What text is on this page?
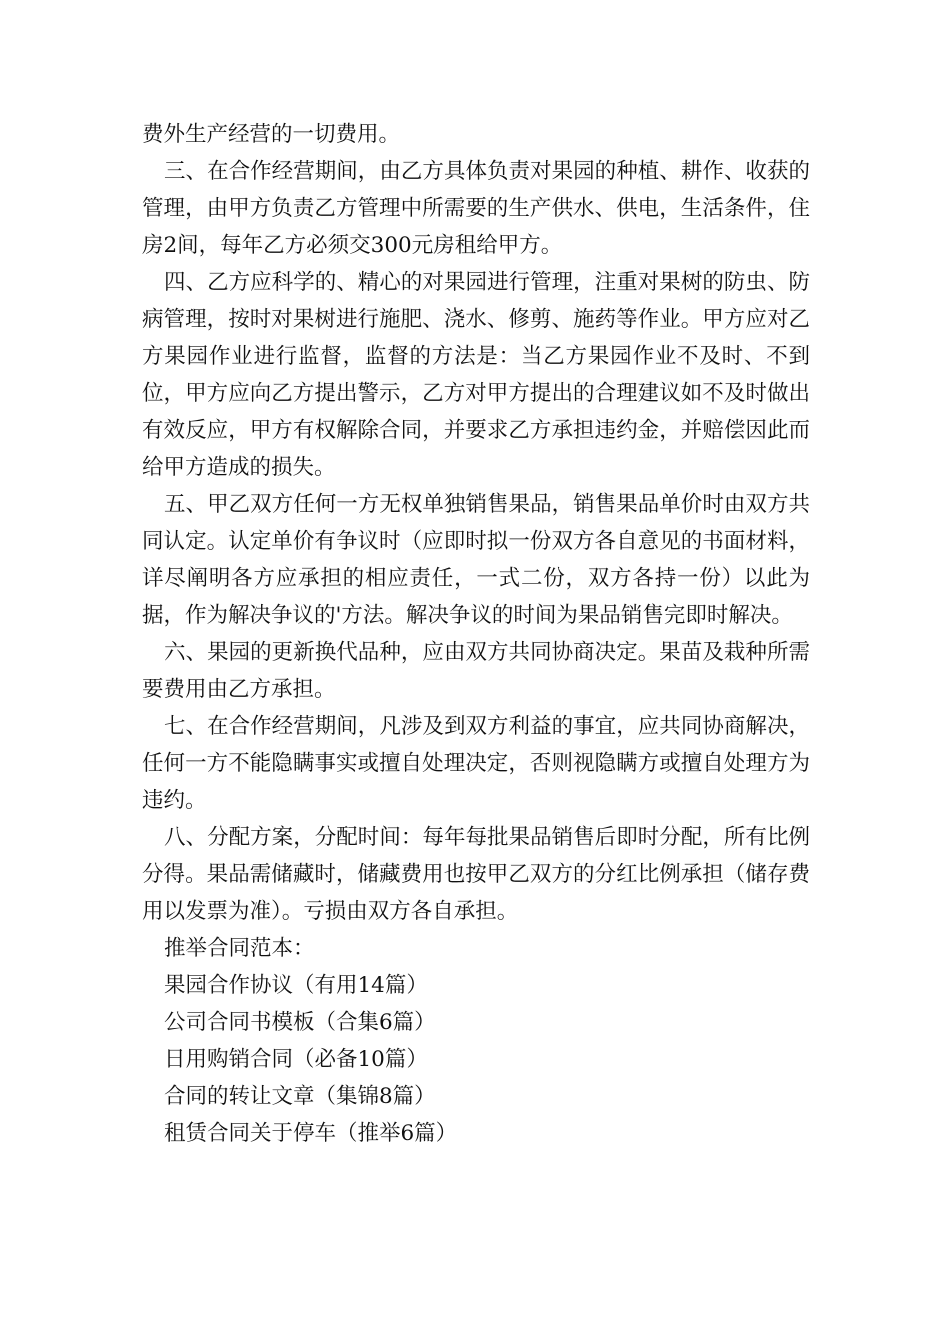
费外生产经营的一切费用。

三、在合作经营期间，由乙方具体负责对果园的种植、耕作、收获的管理，由甲方负责乙方管理中所需要的生产供水、供电，生活条件，住房2间，每年乙方必须交300元房租给甲方。

四、乙方应科学的、精心的对果园进行管理，注重对果树的防虫、防病管理，按时对果树进行施肥、浇水、修剪、施药等作业。甲方应对乙方果园作业进行监督，监督的方法是：当乙方果园作业不及时、不到位，甲方应向乙方提出警示，乙方对甲方提出的合理建议如不及时做出有效反应，甲方有权解除合同，并要求乙方承担违约金，并赔偿因此而给甲方造成的损失。

五、甲乙双方任何一方无权单独销售果品，销售果品单价时由双方共同认定。认定单价有争议时（应即时拟一份双方各自意见的书面材料，详尽阐明各方应承担的相应责任，一式二份，双方各持一份）以此为据，作为解决争议的'方法。解决争议的时间为果品销售完即时解决。

六、果园的更新换代品种，应由双方共同协商决定。果苗及栽种所需要费用由乙方承担。

七、在合作经营期间，凡涉及到双方利益的事宜，应共同协商解决，任何一方不能隐瞒事实或擅自处理决定，否则视隐瞒方或擅自处理方为违约。

八、分配方案，分配时间：每年每批果品销售后即时分配，所有比例分得。果品需储藏时，储藏费用也按甲乙双方的分红比例承担（储存费用以发票为准）。亏损由双方各自承担。

推举合同范本：

果园合作协议（有用14篇）
公司合同书模板（合集6篇）
日用购销合同（必备10篇）
合同的转让文章（集锦8篇）
租赁合同关于停车（推举6篇）
